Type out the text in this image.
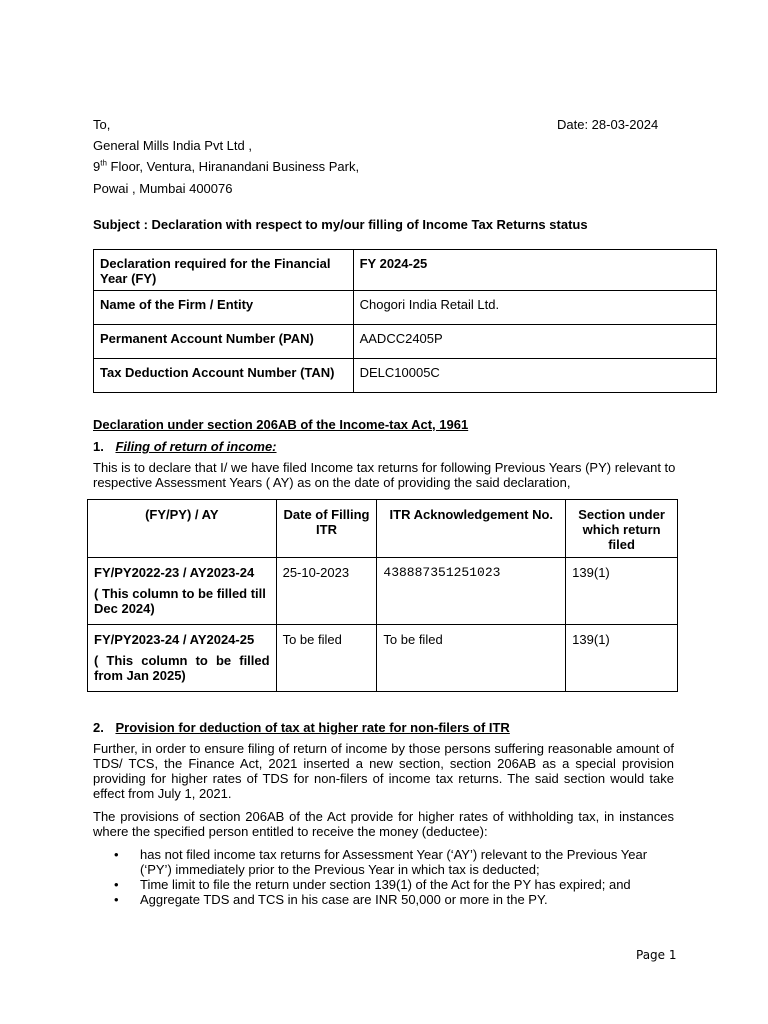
To,	Date: 28-03-2024
General Mills India Pvt Ltd ,
9th Floor, Ventura, Hiranandani Business Park,
Powai , Mumbai 400076
Subject : Declaration with respect to my/our filling of Income Tax Returns status
Declaration required for the Financial Year (FY)	FY 2024-25
Name of the Firm / Entity	Chogori India Retail Ltd.
Permanent Account Number (PAN)	AADCC2405P
Tax Deduction Account Number (TAN)	DELC10005C
Declaration under section 206AB of the Income-tax Act, 1961
1. Filing of return of income:
This is to declare that I/ we have filed Income tax returns for following Previous Years (PY) relevant to respective Assessment Years ( AY) as on the date of providing the said declaration,
(FY/PY) / AY	Date of Filling ITR	ITR Acknowledgement No.	Section under which return filed

FY/PY2022-23 / AY2023-24
( This column to be filled till Dec 2024)	25-10-2023	438887351251023	139(1)

FY/PY2023-24 / AY2024-25
( This column to be filled from Jan 2025)	To be filed	To be filed	139(1)
2. Provision for deduction of tax at higher rate for non-filers of ITR
Further, in order to ensure filing of return of income by those persons suffering reasonable amount of TDS/ TCS, the Finance Act, 2021 inserted a new section, section 206AB as a special provision providing for higher rates of TDS for non-filers of income tax returns. The said section would take effect from July 1, 2021.
The provisions of section 206AB of the Act provide for higher rates of withholding tax, in instances where the specified person entitled to receive the money (deductee):
• has not filed income tax returns for Assessment Year (‘AY’) relevant to the Previous Year (‘PY’) immediately prior to the Previous Year in which tax is deducted;
• Time limit to file the return under section 139(1) of the Act for the PY has expired; and
• Aggregate TDS and TCS in his case are INR 50,000 or more in the PY.
Page 1
